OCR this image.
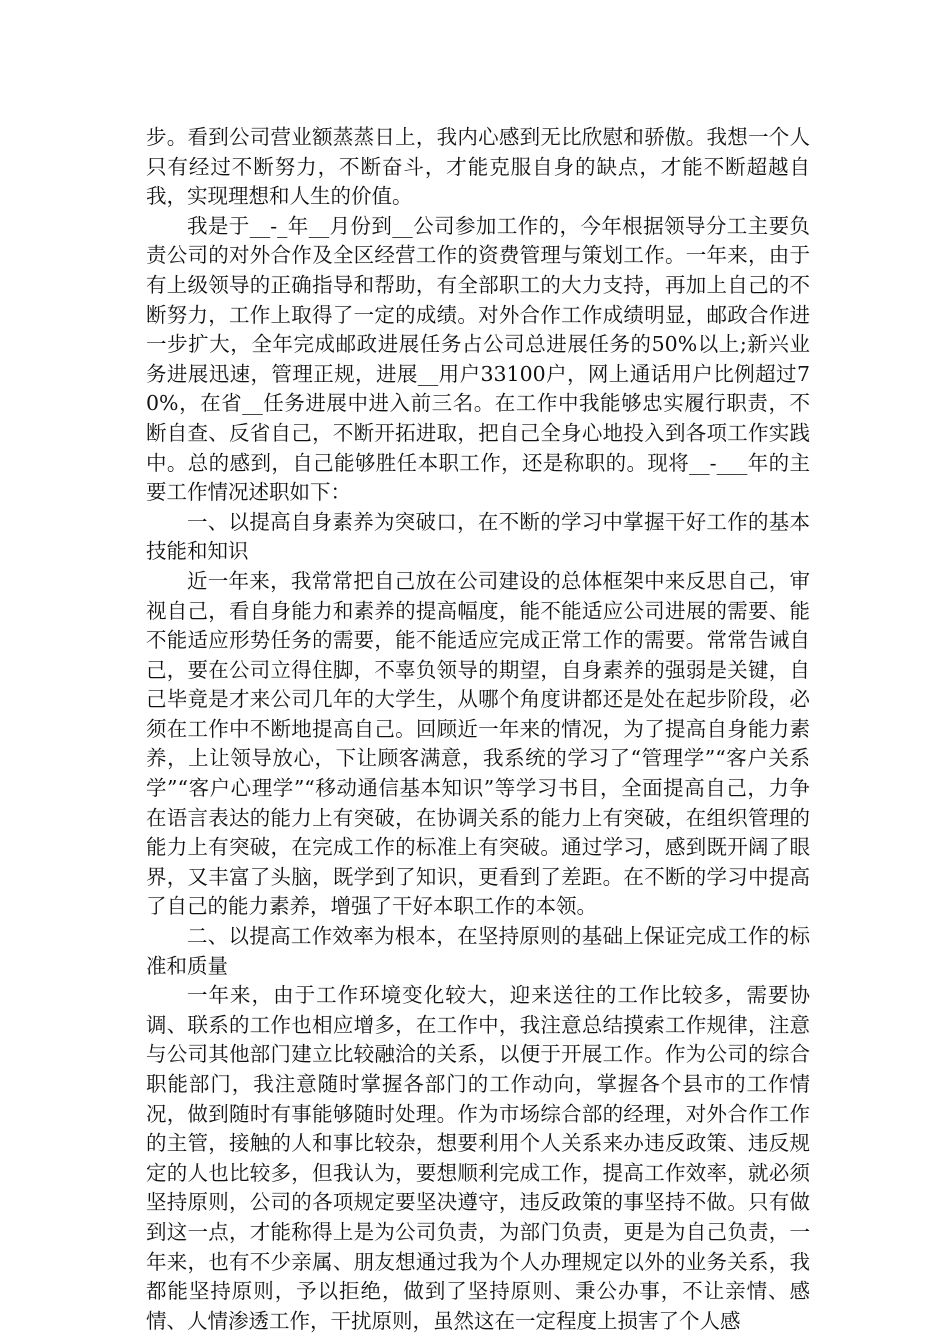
步。看到公司营业额蒸蒸日上，我内心感到无比欣慰和骄傲。我想一个人只有经过不断努力，不断奋斗，才能克服自身的缺点，才能不断超越自我，实现理想和人生的价值。

我是于__-_年__月份到__公司参加工作的，今年根据领导分工主要负责公司的对外合作及全区经营工作的资费管理与策划工作。一年来，由于有上级领导的正确指导和帮助，有全部职工的大力支持，再加上自己的不断努力，工作上取得了一定的成绩。对外合作工作成绩明显，邮政合作进一步扩大，全年完成邮政进展任务占公司总进展任务的50%以上;新兴业务进展迅速，管理正规，进展__用户33100户，网上通话用户比例超过70%，在省__任务进展中进入前三名。在工作中我能够忠实履行职责，不断自查、反省自己，不断开拓进取，把自己全身心地投入到各项工作实践中。总的感到，自己能够胜任本职工作，还是称职的。现将__-___年的主要工作情况述职如下：

一、以提高自身素养为突破口，在不断的学习中掌握干好工作的基本技能和知识

近一年来，我常常把自己放在公司建设的总体框架中来反思自己，审视自己，看自身能力和素养的提高幅度，能不能适应公司进展的需要、能不能适应形势任务的需要，能不能适应完成正常工作的需要。常常告诫自己，要在公司立得住脚，不辜负领导的期望，自身素养的强弱是关键，自己毕竟是才来公司几年的大学生，从哪个角度讲都还是处在起步阶段，必须在工作中不断地提高自己。回顾近一年来的情况，为了提高自身能力素养，上让领导放心，下让顾客满意，我系统的学习了“管理学”“客户关系学”“客户心理学”“移动通信基本知识”等学习书目，全面提高自己，力争在语言表达的能力上有突破，在协调关系的能力上有突破，在组织管理的能力上有突破，在完成工作的标准上有突破。通过学习，感到既开阔了眼界，又丰富了头脑，既学到了知识，更看到了差距。在不断的学习中提高了自己的能力素养，增强了干好本职工作的本领。

二、以提高工作效率为根本，在坚持原则的基础上保证完成工作的标准和质量

一年来，由于工作环境变化较大，迎来送往的工作比较多，需要协调、联系的工作也相应增多，在工作中，我注意总结摸索工作规律，注意与公司其他部门建立比较融洽的关系，以便于开展工作。作为公司的综合职能部门，我注意随时掌握各部门的工作动向，掌握各个县市的工作情况，做到随时有事能够随时处理。作为市场综合部的经理，对外合作工作的主管，接触的人和事比较杂，想要利用个人关系来办违反政策、违反规定的人也比较多，但我认为，要想顺利完成工作，提高工作效率，就必须坚持原则，公司的各项规定要坚决遵守，违反政策的事坚持不做。只有做到这一点，才能称得上是为公司负责，为部门负责，更是为自己负责，一年来，也有不少亲属、朋友想通过我为个人办理规定以外的业务关系，我都能坚持原则，予以拒绝，做到了坚持原则、秉公办事，不让亲情、感情、人情渗透工作，干扰原则，虽然这在一定程度上损害了个人感
